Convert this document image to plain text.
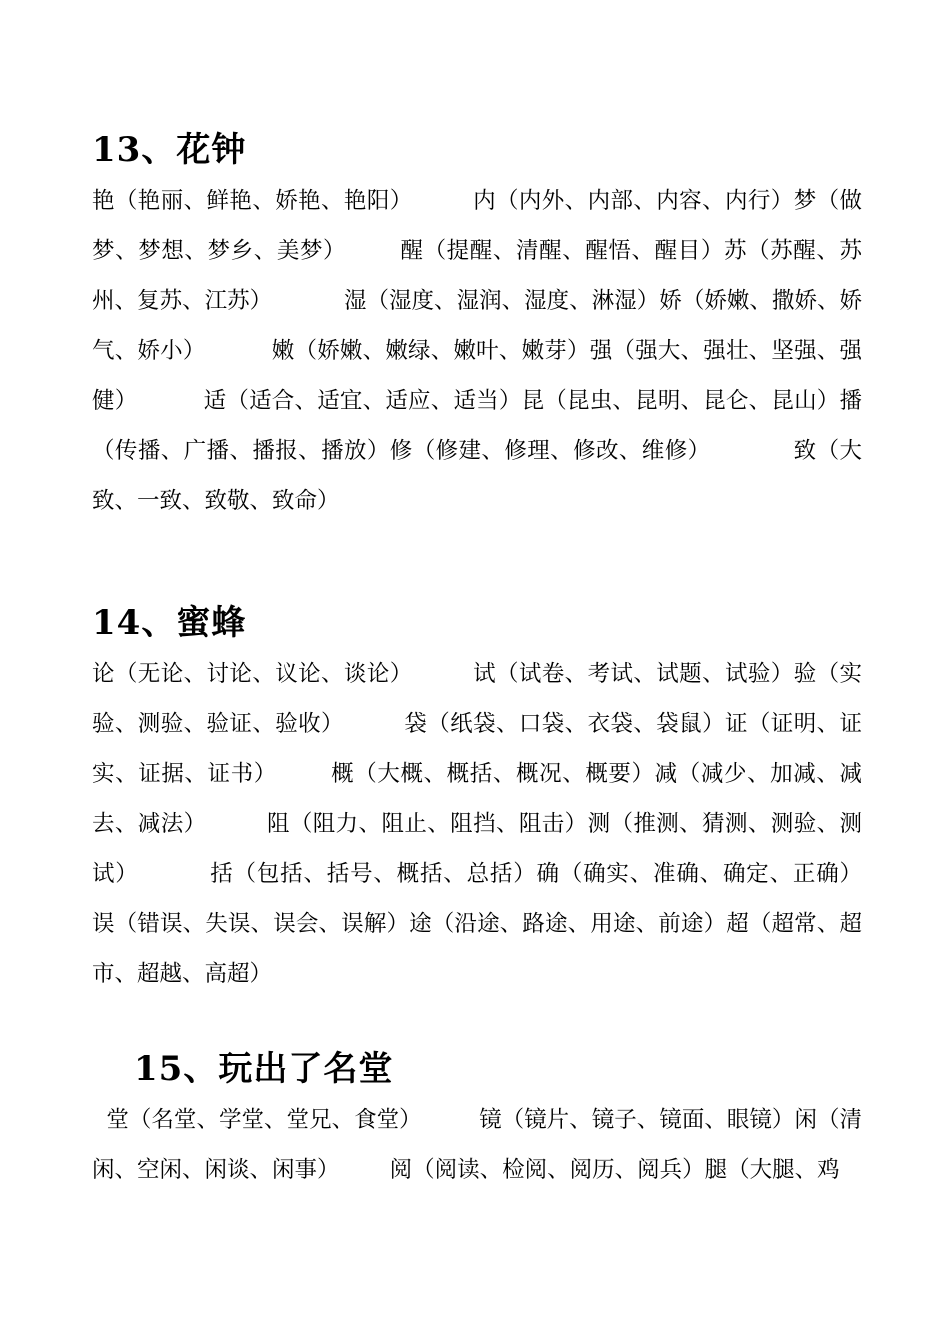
13、花钟

艳（艳丽、鲜艳、娇艳、艳阳）        内（内外、内部、内容、内行）梦（做梦、梦想、梦乡、美梦）       醒（提醒、清醒、醒悟、醒目）苏（苏醒、苏州、复苏、江苏）          湿（湿度、湿润、湿度、淋湿）娇（娇嫩、撒娇、娇气、娇小）         嫩（娇嫩、嫩绿、嫩叶、嫩芽）强（强大、强壮、坚强、强健）         适（适合、适宜、适应、适当）昆（昆虫、昆明、昆仑、昆山）播（传播、广播、播报、播放）修（修建、修理、修改、维修）           致（大致、一致、致敬、致命）

14、蜜蜂

论（无论、讨论、议论、谈论）        试（试卷、考试、试题、试验）验（实验、测验、验证、验收）        袋（纸袋、口袋、衣袋、袋鼠）证（证明、证实、证据、证书）       概（大概、概括、概况、概要）减（减少、加减、减去、减法）        阻（阻力、阻止、阻挡、阻击）测（推测、猜测、测验、测试）         括（包括、括号、概括、总括）确（确实、准确、确定、正确）         误（错误、失误、误会、误解）途（沿途、路途、用途、前途）超（超常、超市、超越、高超）

15、玩出了名堂

堂（名堂、学堂、堂兄、食堂）        镜（镜片、镜子、镜面、眼镜）闲（清闲、空闲、闲谈、闲事）       阅（阅读、检阅、阅历、阅兵）腿（大腿、鸡
